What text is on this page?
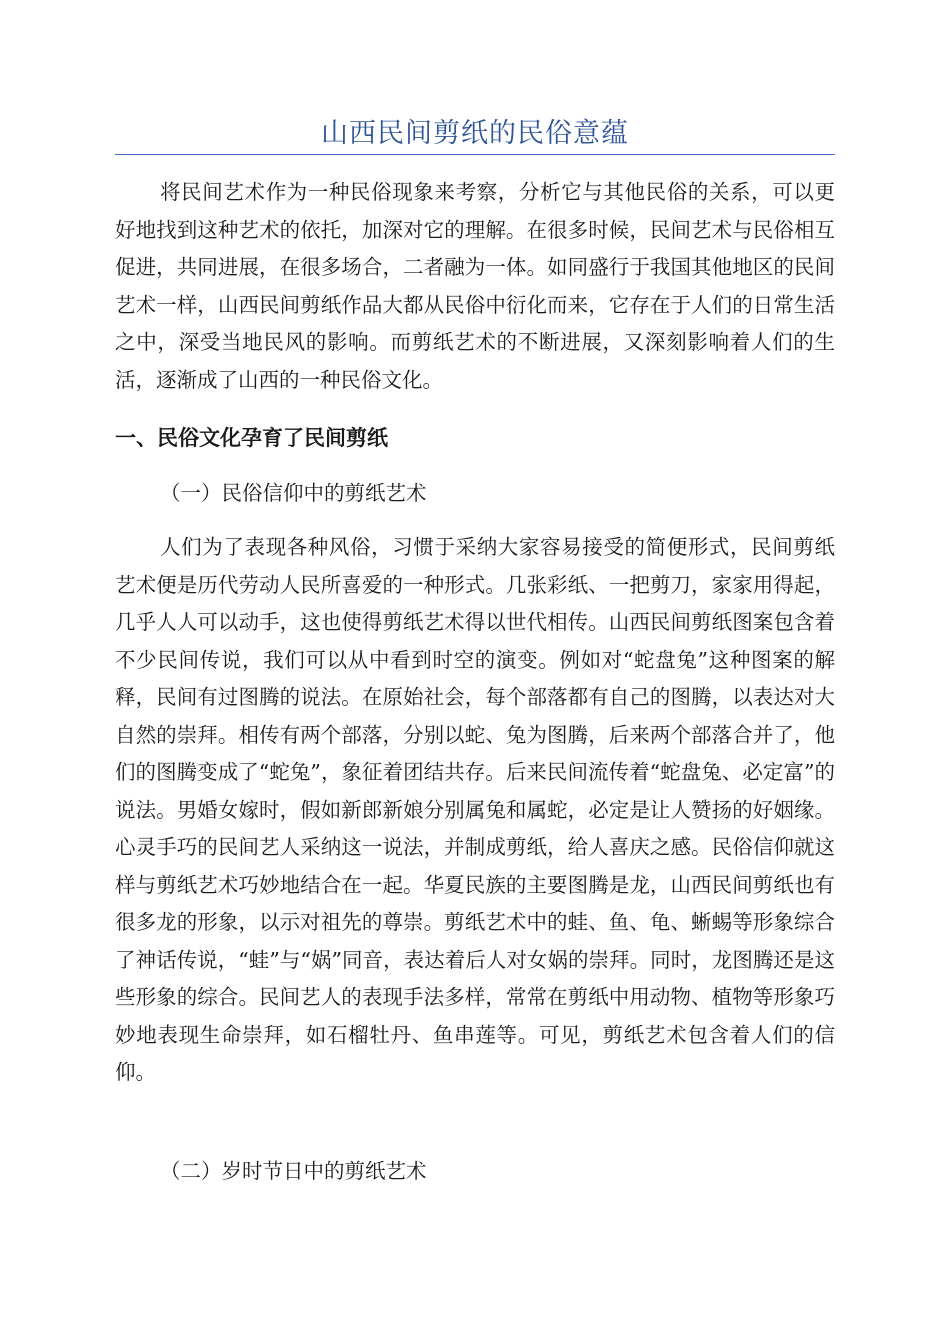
山西民间剪纸的民俗意蕴

将民间艺术作为一种民俗现象来考察，分析它与其他民俗的关系，可以更好地找到这种艺术的依托，加深对它的理解。在很多时候，民间艺术与民俗相互促进，共同进展，在很多场合，二者融为一体。如同盛行于我国其他地区的民间艺术一样，山西民间剪纸作品大都从民俗中衍化而来，它存在于人们的日常生活之中，深受当地民风的影响。而剪纸艺术的不断进展，又深刻影响着人们的生活，逐渐成了山西的一种民俗文化。

一、民俗文化孕育了民间剪纸
（一）民俗信仰中的剪纸艺术

人们为了表现各种风俗，习惯于采纳大家容易接受的简便形式，民间剪纸艺术便是历代劳动人民所喜爱的一种形式。几张彩纸、一把剪刀，家家用得起，几乎人人可以动手，这也使得剪纸艺术得以世代相传。山西民间剪纸图案包含着不少民间传说，我们可以从中看到时空的演变。例如对“蛇盘兔”这种图案的解释，民间有过图腾的说法。在原始社会，每个部落都有自己的图腾，以表达对大自然的崇拜。相传有两个部落，分别以蛇、兔为图腾，后来两个部落合并了，他们的图腾变成了“蛇兔”，象征着团结共存。后来民间流传着“蛇盘兔、必定富”的说法。男婚女嫁时，假如新郎新娘分别属兔和属蛇，必定是让人赞扬的好姻缘。心灵手巧的民间艺人采纳这一说法，并制成剪纸，给人喜庆之感。民俗信仰就这样与剪纸艺术巧妙地结合在一起。华夏民族的主要图腾是龙，山西民间剪纸也有很多龙的形象，以示对祖先的尊崇。剪纸艺术中的蛙、鱼、龟、蜥蜴等形象综合了神话传说，“蛙”与“娲”同音，表达着后人对女娲的崇拜。同时，龙图腾还是这些形象的综合。民间艺人的表现手法多样，常常在剪纸中用动物、植物等形象巧妙地表现生命崇拜，如石榴牡丹、鱼串莲等。可见，剪纸艺术包含着人们的信仰。

（二）岁时节日中的剪纸艺术
